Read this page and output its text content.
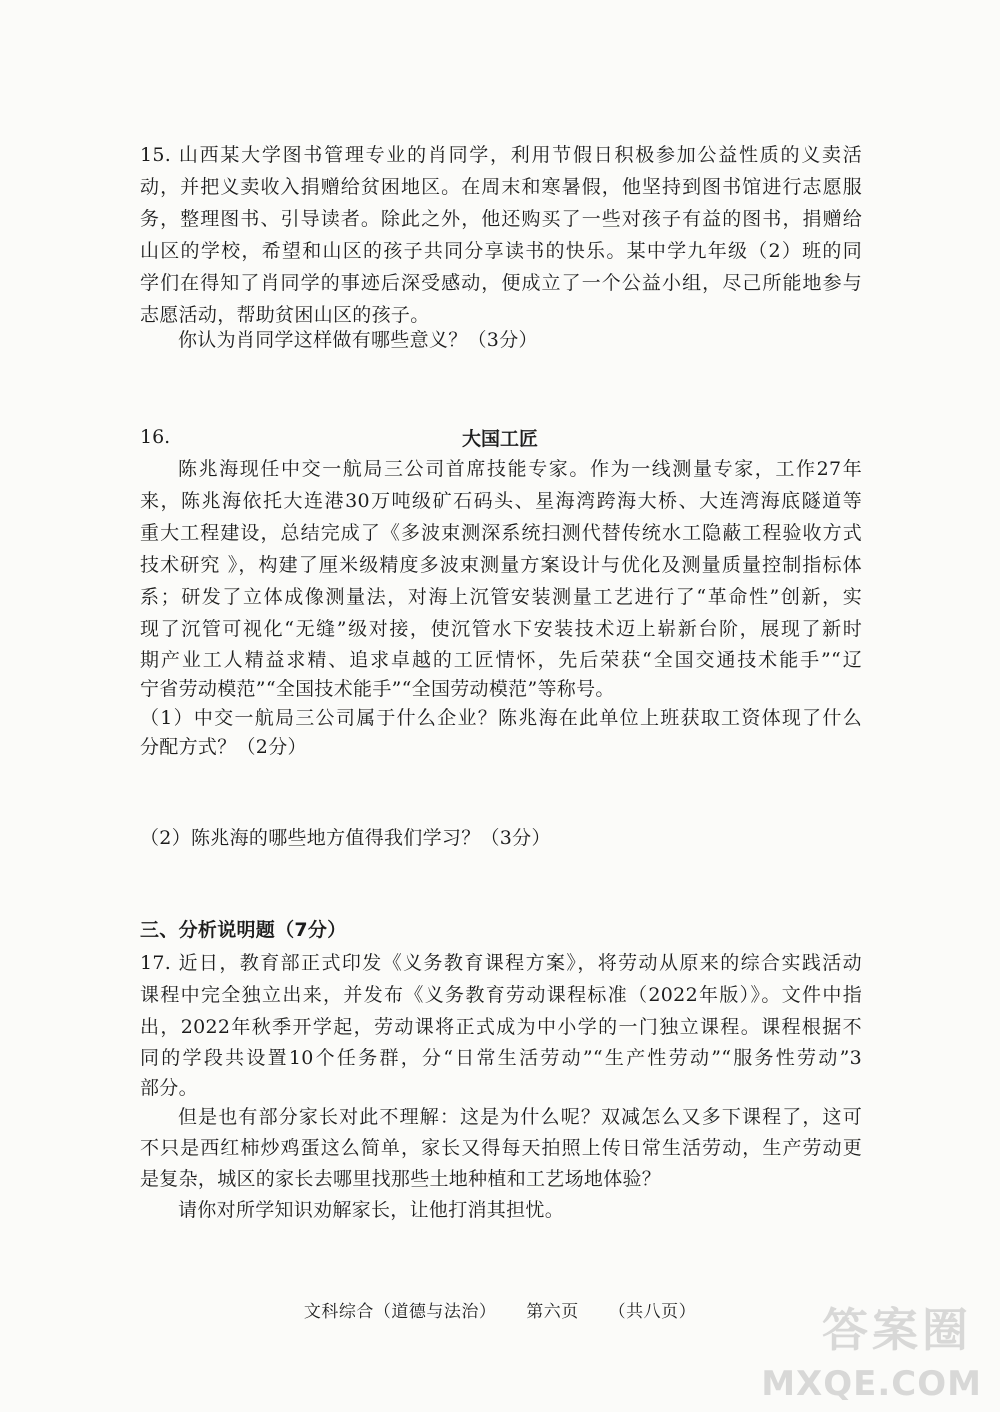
15. 山西某大学图书管理专业的肖同学，利用节假日积极参加公益性质的义卖活
动，并把义卖收入捐赠给贫困地区。在周末和寒暑假，他坚持到图书馆进行志愿服
务，整理图书、引导读者。除此之外，他还购买了一些对孩子有益的图书，捐赠给
山区的学校，希望和山区的孩子共同分享读书的快乐。某中学九年级（2）班的同
学们在得知了肖同学的事迹后深受感动，便成立了一个公益小组，尽己所能地参与
志愿活动，帮助贫困山区的孩子。
你认为肖同学这样做有哪些意义？（3分）
16.	大国工匠
陈兆海现任中交一航局三公司首席技能专家。作为一线测量专家，工作27年
来，陈兆海依托大连港30万吨级矿石码头、星海湾跨海大桥、大连湾海底隧道等
重大工程建设，总结完成了《多波束测深系统扫测代替传统水工隐蔽工程验收方式
技术研究 》，构建了厘米级精度多波束测量方案设计与优化及测量质量控制指标体
系；研发了立体成像测量法，对海上沉管安装测量工艺进行了“革命性”创新，实
现了沉管可视化“无缝”级对接，使沉管水下安装技术迈上崭新台阶，展现了新时
期产业工人精益求精、追求卓越的工匠情怀，先后荣获“全国交通技术能手”“辽
宁省劳动模范”“全国技术能手”“全国劳动模范”等称号。
（1）中交一航局三公司属于什么企业？陈兆海在此单位上班获取工资体现了什么
分配方式？（2分）
（2）陈兆海的哪些地方值得我们学习？（3分）
三、分析说明题（7分）
17. 近日，教育部正式印发《义务教育课程方案》，将劳动从原来的综合实践活动
课程中完全独立出来，并发布《义务教育劳动课程标准（2022年版）》。文件中指
出，2022年秋季开学起，劳动课将正式成为中小学的一门独立课程。课程根据不
同的学段共设置10个任务群，分“日常生活劳动”“生产性劳动”“服务性劳动”3
部分。
但是也有部分家长对此不理解：这是为什么呢？双减怎么又多下课程了，这可
不只是西红柿炒鸡蛋这么简单，家长又得每天拍照上传日常生活劳动，生产劳动更
是复杂，城区的家长去哪里找那些土地种植和工艺场地体验？
请你对所学知识劝解家长，让他打消其担忧。
文科综合（道德与法治） 第六页 （共八页）	答案圈
MXQE.COM
